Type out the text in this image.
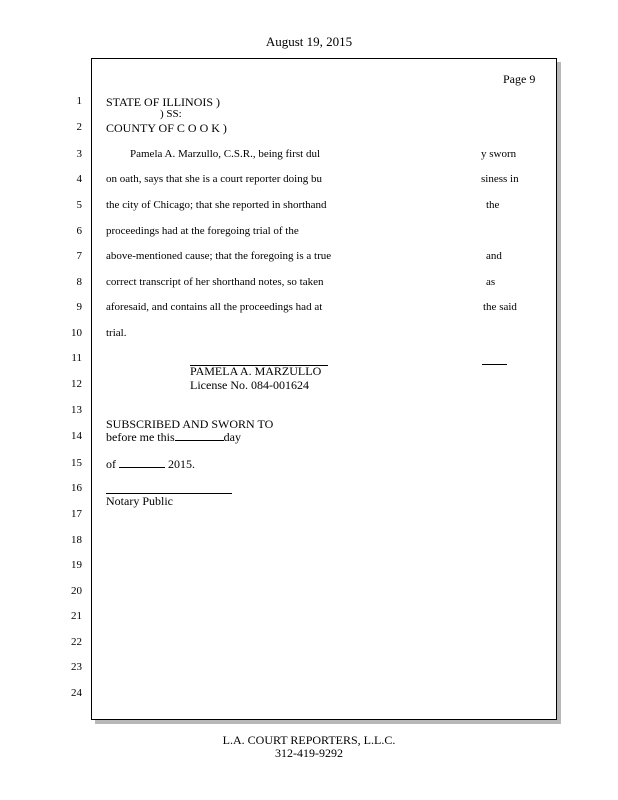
August 19, 2015
Page 9
1
2
3
4
5
6
7
8
9
10
11
12
13
14
15
16
17
18
19
20
21
22
23
24
STATE OF ILLINOIS )
) SS:
COUNTY OF C O O K )
Pamela A. Marzullo, C.S.R., being first dul	y sworn
on oath, says that she is a court reporter doing bu	siness in
the city of Chicago; that she reported in shorthand	the
proceedings had at the foregoing trial of the
above-mentioned cause; that the foregoing is a true	and
correct transcript of her shorthand notes, so taken	as
aforesaid, and contains all the proceedings had at	the said
trial.
PAMELA A. MARZULLO
License No. 084-001624
SUBSCRIBED AND SWORN TO
before me this	day
of	2015.
Notary Public
L.A. COURT REPORTERS, L.L.C.
312-419-9292
